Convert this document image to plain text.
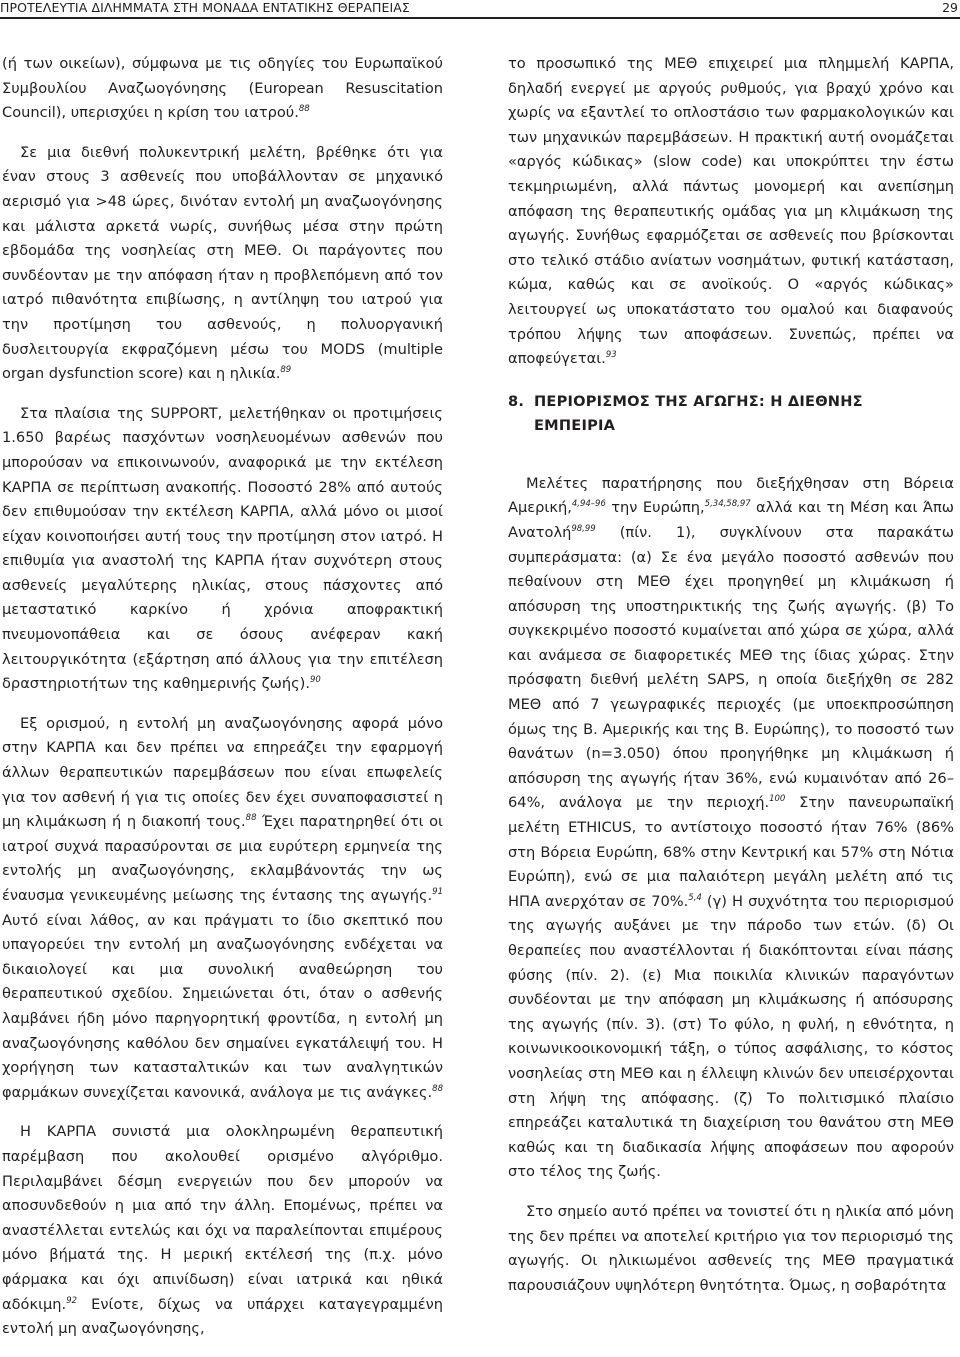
ΠΡΟΤΕΛΕΥΤΙΑ ΔΙΛΗΜΜΑΤΑ ΣΤΗ ΜΟΝΑΔΑ ΕΝΤΑΤΙΚΗΣ ΘΕΡΑΠΕΙΑΣ	29

(ή των οικείων), σύμφωνα με τις οδηγίες του Ευρωπαϊκού Συμβουλίου Αναζωογόνησης (European Resuscitation Council), υπερισχύει η κρίση του ιατρού.$^{88}$

Σε μια διεθνή πολυκεντρική μελέτη, βρέθηκε ότι για έναν στους 3 ασθενείς που υποβάλλονταν σε μηχανικό αερισμό για >48 ώρες, δινόταν εντολή μη αναζωογόνησης και μάλιστα αρκετά νωρίς, συνήθως μέσα στην πρώτη εβδομάδα της νοσηλείας στη ΜΕΘ. Οι παράγοντες που συνδέονταν με την απόφαση ήταν η προβλεπόμενη από τον ιατρό πιθανότητα επιβίωσης, η αντίληψη του ιατρού για την προτίμηση του ασθενούς, η πολυοργανική δυσλειτουργία εκφραζόμενη μέσω του MODS (multiple organ dysfunction score) και η ηλικία.$^{89}$

Στα πλαίσια της SUPPORT, μελετήθηκαν οι προτιμήσεις 1.650 βαρέως πασχόντων νοσηλευομένων ασθενών που μπορούσαν να επικοινωνούν, αναφορικά με την εκτέλεση ΚΑΡΠΑ σε περίπτωση ανακοπής. Ποσοστό 28% από αυτούς δεν επιθυμούσαν την εκτέλεση ΚΑΡΠΑ, αλλά μόνο οι μισοί είχαν κοινοποιήσει αυτή τους την προτίμηση στον ιατρό. Η επιθυμία για αναστολή της ΚΑΡΠΑ ήταν συχνότερη στους ασθενείς μεγαλύτερης ηλικίας, στους πάσχοντες από μεταστατικό καρκίνο ή χρόνια αποφρακτική πνευμονοπάθεια και σε όσους ανέφεραν κακή λειτουργικότητα (εξάρτηση από άλλους για την επιτέλεση δραστηριοτήτων της καθημερινής ζωής).$^{90}$

Εξ ορισμού, η εντολή μη αναζωογόνησης αφορά μόνο στην ΚΑΡΠΑ και δεν πρέπει να επηρεάζει την εφαρμογή άλλων θεραπευτικών παρεμβάσεων που είναι επωφελείς για τον ασθενή ή για τις οποίες δεν έχει συναποφασιστεί η μη κλιμάκωση ή η διακοπή τους.$^{88}$ Έχει παρατηρηθεί ότι οι ιατροί συχνά παρασύρονται σε μια ευρύτερη ερμηνεία της εντολής μη αναζωογόνησης, εκλαμβάνοντάς την ως έναυσμα γενικευμένης μείωσης της έντασης της αγωγής.$^{91}$ Αυτό είναι λάθος, αν και πράγματι το ίδιο σκεπτικό που υπαγορεύει την εντολή μη αναζωογόνησης ενδέχεται να δικαιολογεί και μια συνολική αναθεώρηση του θεραπευτικού σχεδίου. Σημειώνεται ότι, όταν ο ασθενής λαμβάνει ήδη μόνο παρηγορητική φροντίδα, η εντολή μη αναζωογόνησης καθόλου δεν σημαίνει εγκατάλειψή του. Η χορήγηση των κατασταλτικών και των αναλγητικών φαρμάκων συνεχίζεται κανονικά, ανάλογα με τις ανάγκες.$^{88}$

Η ΚΑΡΠΑ συνιστά μια ολοκληρωμένη θεραπευτική παρέμβαση που ακολουθεί ορισμένο αλγόριθμο. Περιλαμβάνει δέσμη ενεργειών που δεν μπορούν να αποσυνδεθούν η μια από την άλλη. Επομένως, πρέπει να αναστέλλεται εντελώς και όχι να παραλείπονται επιμέρους μόνο βήματά της. Η μερική εκτέλεσή της (π.χ. μόνο φάρμακα και όχι απινίδωση) είναι ιατρικά και ηθικά αδόκιμη.$^{92}$ Ενίοτε, δίχως να υπάρχει καταγεγραμμένη εντολή μη αναζωογόνησης,

το προσωπικό της ΜΕΘ επιχειρεί μια πλημμελή ΚΑΡΠΑ, δηλαδή ενεργεί με αργούς ρυθμούς, για βραχύ χρόνο και χωρίς να εξαντλεί το οπλοστάσιο των φαρμακολογικών και των μηχανικών παρεμβάσεων. Η πρακτική αυτή ονομάζεται «αργός κώδικας» (slow code) και υποκρύπτει την έστω τεκμηριωμένη, αλλά πάντως μονομερή και ανεπίσημη απόφαση της θεραπευτικής ομάδας για μη κλιμάκωση της αγωγής. Συνήθως εφαρμόζεται σε ασθενείς που βρίσκονται στο τελικό στάδιο ανίατων νοσημάτων, φυτική κατάσταση, κώμα, καθώς και σε ανοϊκούς. Ο «αργός κώδικας» λειτουργεί ως υποκατάστατο του ομαλού και διαφανούς τρόπου λήψης των αποφάσεων. Συνεπώς, πρέπει να αποφεύγεται.$^{93}$

8. ΠΕΡΙΟΡΙΣΜΟΣ ΤΗΣ ΑΓΩΓΗΣ: Η ΔΙΕΘΝΗΣ
ΕΜΠΕΙΡΙΑ

Μελέτες παρατήρησης που διεξήχθησαν στη Βόρεια Αμερική,$^{4,94-96}$ την Ευρώπη,$^{5,34,58,97}$ αλλά και τη Μέση και Άπω Ανατολή$^{98,99}$ (πίν. 1), συγκλίνουν στα παρακάτω συμπεράσματα: (α) Σε ένα μεγάλο ποσοστό ασθενών που πεθαίνουν στη ΜΕΘ έχει προηγηθεί μη κλιμάκωση ή απόσυρση της υποστηρικτικής της ζωής αγωγής. (β) Το συγκεκριμένο ποσοστό κυμαίνεται από χώρα σε χώρα, αλλά και ανάμεσα σε διαφορετικές ΜΕΘ της ίδιας χώρας. Στην πρόσφατη διεθνή μελέτη SAPS, η οποία διεξήχθη σε 282 ΜΕΘ από 7 γεωγραφικές περιοχές (με υποεκπροσώπηση όμως της Β. Αμερικής και της Β. Ευρώπης), το ποσοστό των θανάτων (n=3.050) όπου προηγήθηκε μη κλιμάκωση ή απόσυρση της αγωγής ήταν 36%, ενώ κυμαινόταν από 26–64%, ανάλογα με την περιοχή.$^{100}$ Στην πανευρωπαϊκή μελέτη ETHICUS, το αντίστοιχο ποσοστό ήταν 76% (86% στη Βόρεια Ευρώπη, 68% στην Κεντρική και 57% στη Νότια Ευρώπη), ενώ σε μια παλαιότερη μεγάλη μελέτη από τις ΗΠΑ ανερχόταν σε 70%.$^{5,4}$ (γ) Η συχνότητα του περιορισμού της αγωγής αυξάνει με την πάροδο των ετών. (δ) Οι θεραπείες που αναστέλλονται ή διακόπτονται είναι πάσης φύσης (πίν. 2). (ε) Μια ποικιλία κλινικών παραγόντων συνδέονται με την απόφαση μη κλιμάκωσης ή απόσυρσης της αγωγής (πίν. 3). (στ) Το φύλο, η φυλή, η εθνότητα, η κοινωνικοοικονομική τάξη, ο τύπος ασφάλισης, το κόστος νοσηλείας στη ΜΕΘ και η έλλειψη κλινών δεν υπεισέρχονται στη λήψη της απόφασης. (ζ) Το πολιτισμικό πλαίσιο επηρεάζει καταλυτικά τη διαχείριση του θανάτου στη ΜΕΘ καθώς και τη διαδικασία λήψης αποφάσεων που αφορούν στο τέλος της ζωής.

Στο σημείο αυτό πρέπει να τονιστεί ότι η ηλικία από μόνη της δεν πρέπει να αποτελεί κριτήριο για τον περιορισμό της αγωγής. Οι ηλικιωμένοι ασθενείς της ΜΕΘ πραγματικά παρουσιάζουν υψηλότερη θνητότητα. Όμως, η σοβαρότητα
